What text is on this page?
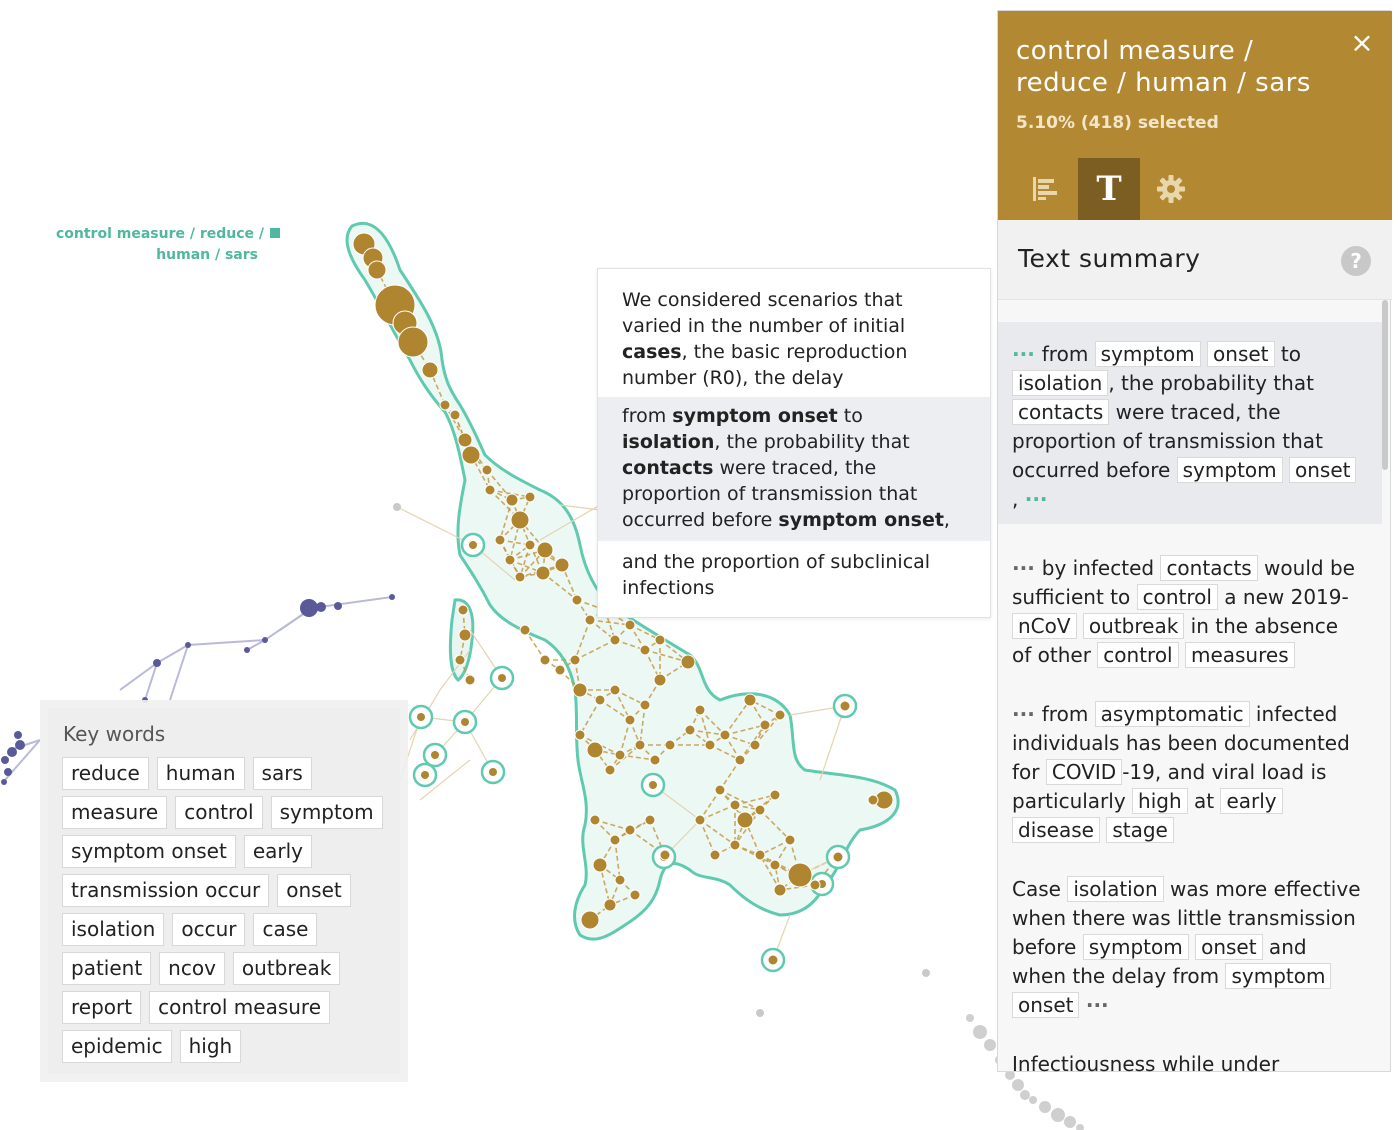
control measure / reduce /
human / sars
We considered scenarios that varied in the number of initial cases, the basic reproduction number (R0), the delay
from symptom onset to isolation, the probability that contacts were traced, the proportion of transmission that occurred before symptom onset,
and the proportion of subclinical infections
Key words
reduce	human	sars
measure	control	symptom
symptom onset	early
transmission occur	onset
isolation	occur	case
patient	ncov	outbreak
report	control measure
epidemic	high
control measure / reduce / human / sars
×
5.10% (418) selected
T
Text summary	?
··· from symptom onset to isolation , the probability that contacts were traced, the proportion of transmission that occurred before symptom onset, ···
··· by infected contacts would be sufficient to control a new 2019-nCoV outbreak in the absence of other control measures
··· from asymptomatic infected individuals has been documented for COVID -19, and viral load is particularly high at early disease stage
Case isolation was more effective when there was little transmission before symptom onset and when the delay from symptom onset ···
Infectiousness while under
